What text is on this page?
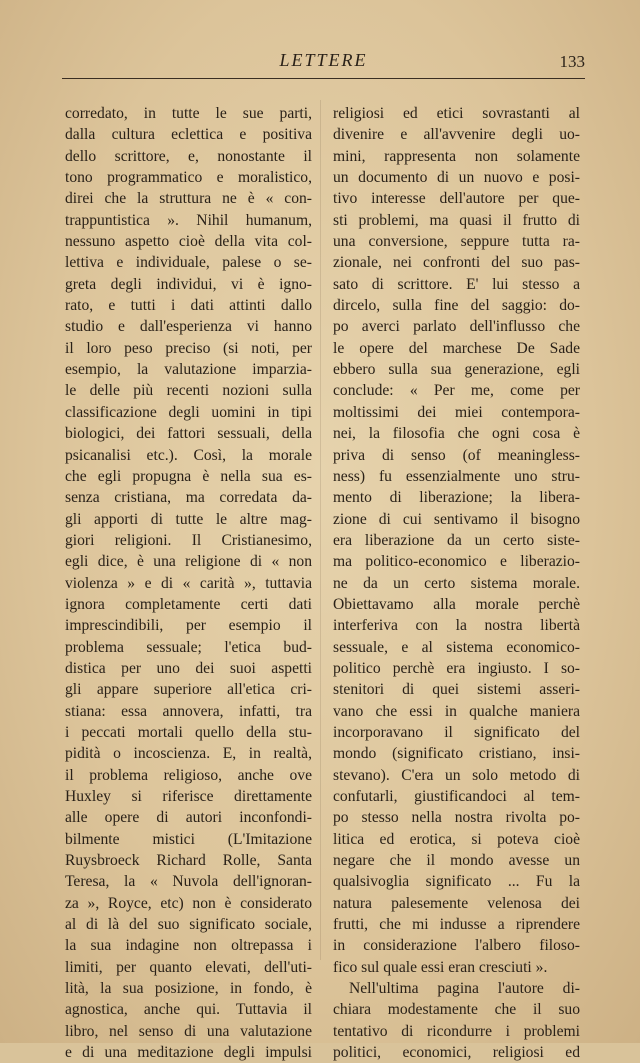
LETTERE	133
corredato, in tutte le sue parti,
dalla cultura eclettica e positiva
dello scrittore, e, nonostante il
tono programmatico e moralistico,
direi che la struttura ne è « con-
trappuntistica ». Nihil humanum,
nessuno aspetto cioè della vita col-
lettiva e individuale, palese o se-
greta degli individui, vi è igno-
rato, e tutti i dati attinti dallo
studio e dall'esperienza vi hanno
il loro peso preciso (si noti, per
esempio, la valutazione imparzia-
le delle più recenti nozioni sulla
classificazione degli uomini in tipi
biologici, dei fattori sessuali, della
psicanalisi etc.). Così, la morale
che egli propugna è nella sua es-
senza cristiana, ma corredata da-
gli apporti di tutte le altre mag-
giori religioni. Il Cristianesimo,
egli dice, è una religione di « non
violenza » e di « carità », tuttavia
ignora completamente certi dati
imprescindibili, per esempio il
problema sessuale; l'etica bud-
distica per uno dei suoi aspetti
gli appare superiore all'etica cri-
stiana: essa annovera, infatti, tra
i peccati mortali quello della stu-
pidità o incoscienza. E, in realtà,
il problema religioso, anche ove
Huxley si riferisce direttamente
alle opere di autori inconfondi-
bilmente mistici (L'Imitazione
Ruysbroeck Richard Rolle, Santa
Teresa, la « Nuvola dell'ignoran-
za », Royce, etc) non è considerato
al di là del suo significato sociale,
la sua indagine non oltrepassa i
limiti, per quanto elevati, dell'uti-
lità, la sua posizione, in fondo, è
agnostica, anche qui. Tuttavia il
libro, nel senso di una valutazione
e di una meditazione degli impulsi
religiosi ed etici sovrastanti al
divenire e all'avvenire degli uo-
mini, rappresenta non solamente
un documento di un nuovo e posi-
tivo interesse dell'autore per que-
sti problemi, ma quasi il frutto di
una conversione, seppure tutta ra-
zionale, nei confronti del suo pas-
sato di scrittore. E' lui stesso a
dircelo, sulla fine del saggio: do-
po averci parlato dell'influsso che
le opere del marchese De Sade
ebbero sulla sua generazione, egli
conclude: « Per me, come per
moltissimi dei miei contempora-
nei, la filosofia che ogni cosa è
priva di senso (of meaningless-
ness) fu essenzialmente uno stru-
mento di liberazione; la libera-
zione di cui sentivamo il bisogno
era liberazione da un certo siste-
ma politico-economico e liberazio-
ne da un certo sistema morale.
Obiettavamo alla morale perchè
interferiva con la nostra libertà
sessuale, e al sistema economico-
politico perchè era ingiusto. I so-
stenitori di quei sistemi asseri-
vano che essi in qualche maniera
incorporavano il significato del
mondo (significato cristiano, insi-
stevano). C'era un solo metodo di
confutarli, giustificandoci al tem-
po stesso nella nostra rivolta po-
litica ed erotica, si poteva cioè
negare che il mondo avesse un
qualsivoglia significato ... Fu la
natura palesemente velenosa dei
frutti, che mi indusse a riprendere
in considerazione l'albero filoso-
fico sul quale essi eran cresciuti ».
Nell'ultima pagina l'autore di-
chiara modestamente che il suo
tentativo di ricondurre i problemi
politici, economici, religiosi ed
